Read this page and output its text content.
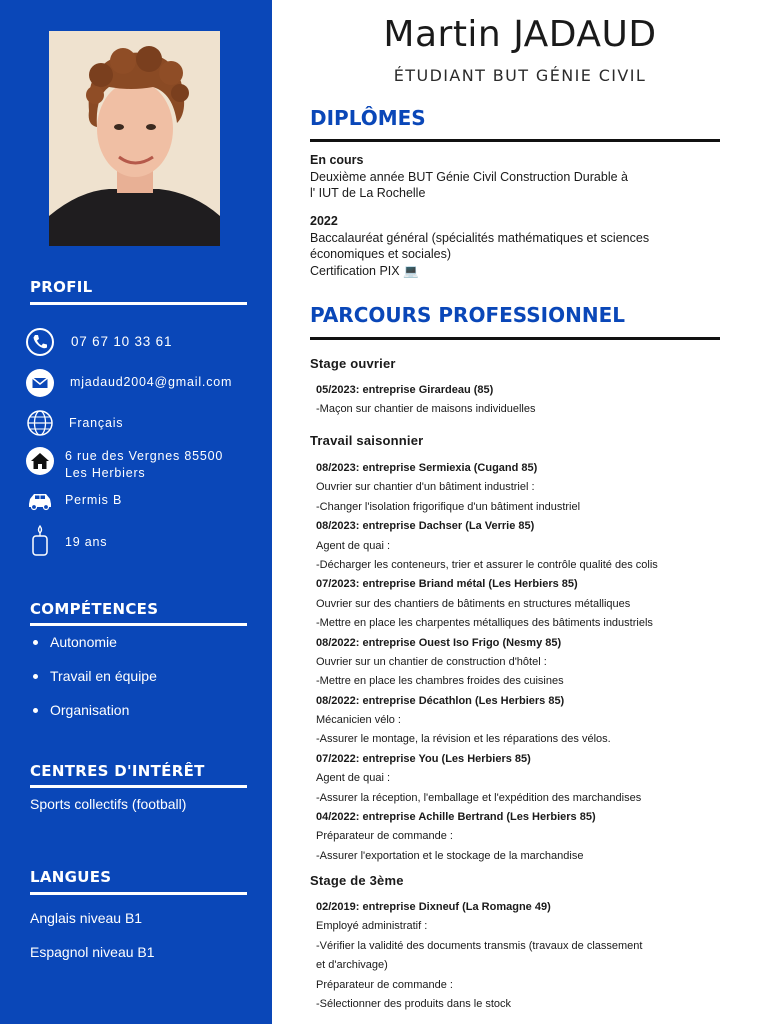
PROFIL
07 67 10 33 61
mjadaud2004@gmail.com
Français
6 rue des Vergnes 85500 Les Herbiers
Permis B
19 ans
COMPÉTENCES
Autonomie
Travail en équipe
Organisation
CENTRES D'INTÉRÊT
Sports collectifs (football)
LANGUES
Anglais niveau B1
Espagnol niveau B1
Martin JADAUD
ÉTUDIANT BUT GÉNIE CIVIL
DIPLÔMES
En cours
Deuxième année BUT Génie Civil Construction Durable à
l' IUT de La Rochelle
2022
Baccalauréat général (spécialités mathématiques et sciences
économiques et sociales)
Certification PIX 💻
PARCOURS PROFESSIONNEL
Stage ouvrier
05/2023: entreprise Girardeau (85)
-Maçon sur chantier de maisons individuelles
Travail saisonnier
08/2023: entreprise Sermiexia (Cugand 85)
Ouvrier sur chantier d'un bâtiment industriel :
-Changer l'isolation frigorifique d'un bâtiment industriel
08/2023: entreprise Dachser (La Verrie 85)
Agent de quai :
-Décharger les conteneurs, trier et assurer le contrôle qualité des colis
07/2023: entreprise Briand métal (Les Herbiers 85)
Ouvrier sur des chantiers de bâtiments en structures métalliques
-Mettre en place les charpentes métalliques des bâtiments industriels
08/2022: entreprise Ouest Iso Frigo (Nesmy 85)
Ouvrier sur un chantier de construction d'hôtel :
-Mettre en place les chambres froides des cuisines
08/2022: entreprise Décathlon (Les Herbiers 85)
Mécanicien vélo :
-Assurer le montage, la révision et les réparations des vélos.
07/2022: entreprise You (Les Herbiers 85)
Agent de quai :
-Assurer la réception, l'emballage et l'expédition des marchandises
04/2022: entreprise Achille Bertrand (Les Herbiers 85)
Préparateur de commande :
-Assurer l'exportation et le stockage de la marchandise
Stage de 3ème
02/2019: entreprise Dixneuf (La Romagne 49)
Employé administratif :
-Vérifier la validité des documents transmis (travaux de classement
et d'archivage)
Préparateur de commande :
-Sélectionner des produits dans le stock
